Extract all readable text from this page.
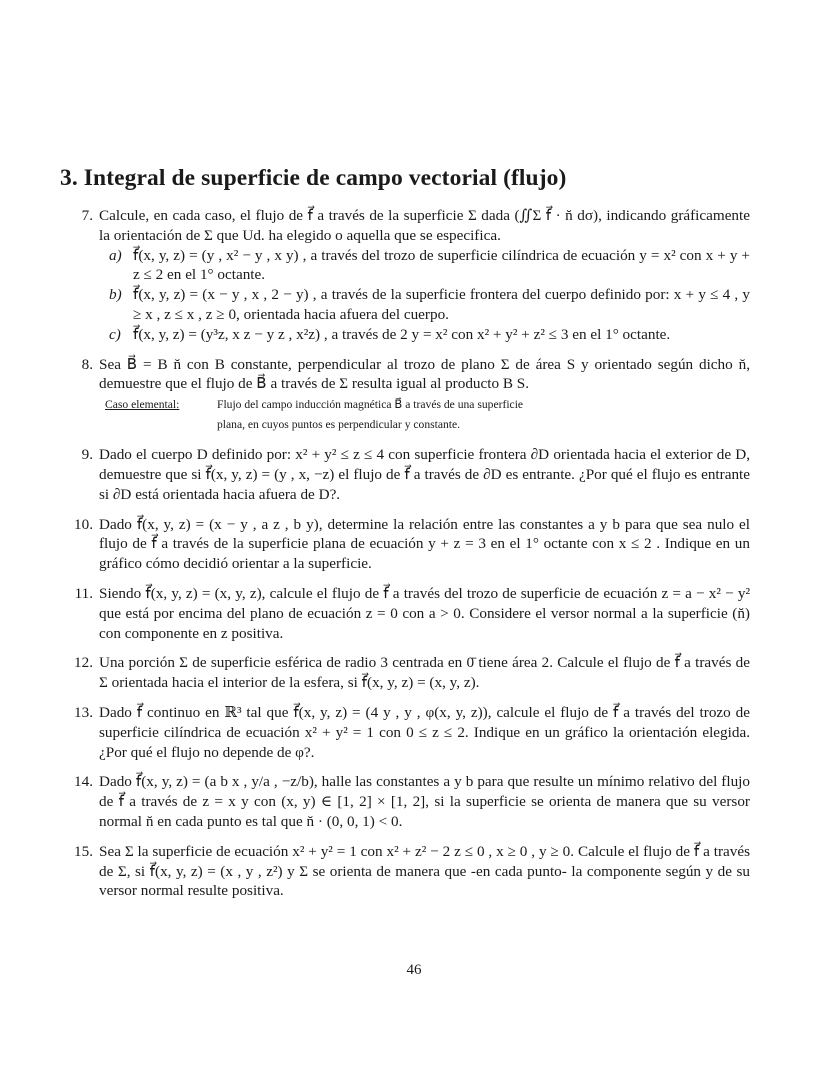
3. Integral de superficie de campo vectorial (flujo)
7. Calcule, en cada caso, el flujo de f⃗ a través de la superficie Σ dada (∬Σ f⃗ · n̆ dσ), indicando gráficamente la orientación de Σ que Ud. ha elegido o aquella que se especifica.
a) f⃗(x, y, z) = (y , x² − y , x y) , a través del trozo de superficie cilíndrica de ecuación y = x² con x + y + z ≤ 2 en el 1° octante.
b) f⃗(x, y, z) = (x − y , x , 2 − y) , a través de la superficie frontera del cuerpo definido por: x + y ≤ 4 , y ≥ x , z ≤ x , z ≥ 0, orientada hacia afuera del cuerpo.
c) f⃗(x, y, z) = (y³z, x z − y z , x²z) , a través de 2 y = x² con x² + y² + z² ≤ 3 en el 1° octante.
8. Sea B⃗ = B n̆ con B constante, perpendicular al trozo de plano Σ de área S y orientado según dicho n̆, demuestre que el flujo de B⃗ a través de Σ resulta igual al producto B S.
Caso elemental:	Flujo del campo inducción magnética B⃗ a través de una superficie
plana, en cuyos puntos es perpendicular y constante.
9. Dado el cuerpo D definido por: x² + y² ≤ z ≤ 4 con superficie frontera ∂D orientada hacia el exterior de D, demuestre que si f⃗(x, y, z) = (y , x, −z) el flujo de f⃗ a través de ∂D es entrante. ¿Por qué el flujo es entrante si ∂D está orientada hacia afuera de D?.
10. Dado f⃗(x, y, z) = (x − y , a z , b y), determine la relación entre las constantes a y b para que sea nulo el flujo de f⃗ a través de la superficie plana de ecuación y + z = 3 en el 1° octante con x ≤ 2 . Indique en un gráfico cómo decidió orientar a la superficie.
11. Siendo f⃗(x, y, z) = (x, y, z), calcule el flujo de f⃗ a través del trozo de superficie de ecuación z = a − x² − y² que está por encima del plano de ecuación z = 0 con a > 0. Considere el versor normal a la superficie (n̆) con componente en z positiva.
12. Una porción Σ de superficie esférica de radio 3 centrada en 0̄ tiene área 2. Calcule el flujo de f⃗ a través de Σ orientada hacia el interior de la esfera, si f⃗(x, y, z) = (x, y, z).
13. Dado f⃗ continuo en ℝ³ tal que f⃗(x, y, z) = (4 y , y , φ(x, y, z)), calcule el flujo de f⃗ a través del trozo de superficie cilíndrica de ecuación x² + y² = 1 con 0 ≤ z ≤ 2. Indique en un gráfico la orientación elegida. ¿Por qué el flujo no depende de φ?.
14. Dado f⃗(x, y, z) = (a b x , y/a , −z/b), halle las constantes a y b para que resulte un mínimo relativo del flujo de f⃗ a través de z = x y con (x, y) ∈ [1, 2] × [1, 2], si la superficie se orienta de manera que su versor normal n̆ en cada punto es tal que n̆ · (0, 0, 1) < 0.
15. Sea Σ la superficie de ecuación x² + y² = 1 con x² + z² − 2 z ≤ 0 , x ≥ 0 , y ≥ 0. Calcule el flujo de f⃗ a través de Σ, si f⃗(x, y, z) = (x , y , z²) y Σ se orienta de manera que -en cada punto- la componente según y de su versor normal resulte positiva.
46
